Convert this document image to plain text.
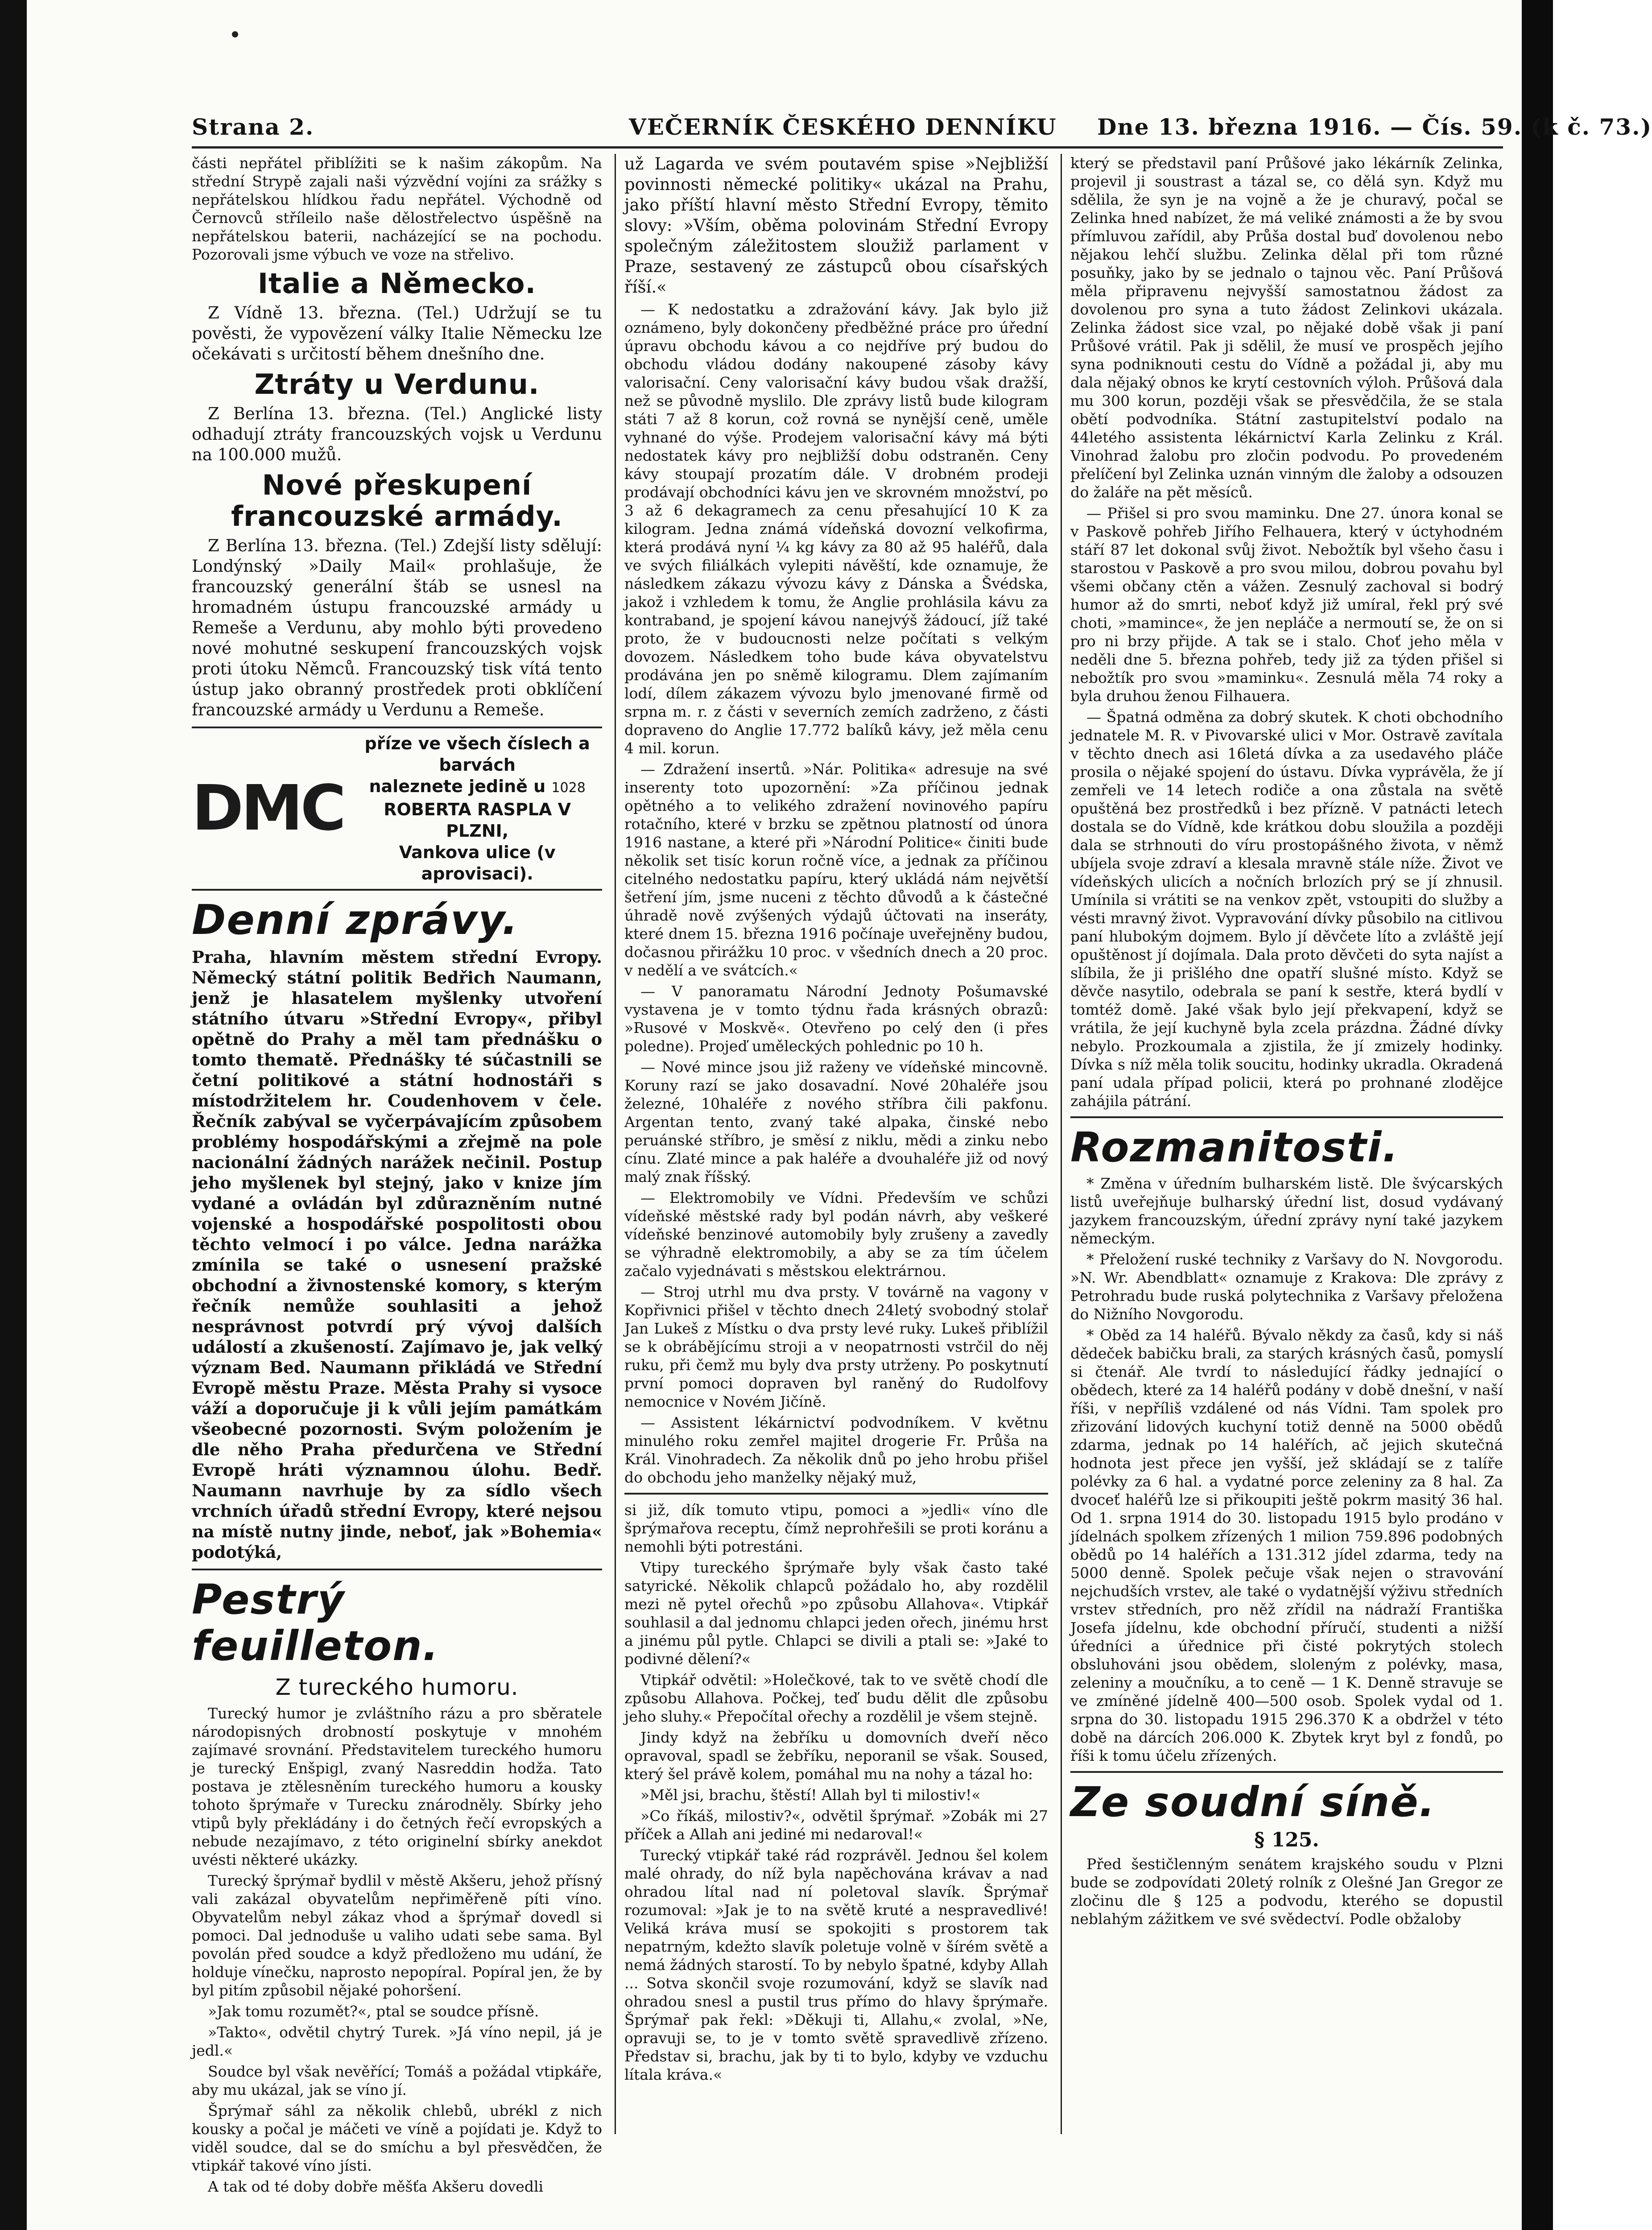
Strana 2.	VEČERNÍK ČESKÉHO DENNÍKU Dne 13. března 1916. — Čís. 59. (k č. 73.)

části nepřátel přiblížiti se k našim zákopům. Na střední Strypě zajali naši výzvědní vojíni za srážky s nepřátelskou hlídkou řadu nepřátel. Východně od Černovců stříleilo naše dělostřelectvo úspěšně na nepřátelskou baterii, nacházející se na pochodu. Pozorovali jsme výbuch ve voze na střelivo.

Italie a Německo.

Z Vídně 13. března. (Tel.) Udržují se tu pověsti, že vypovězení války Italie Německu lze očekávati s určitostí během dnešního dne.

Ztráty u Verdunu.

Z Berlína 13. března. (Tel.) Anglické listy odhadují ztráty francouzských vojsk u Verdunu na 100.000 mužů.

Nové přeskupení francouzské armády.

Z Berlína 13. března. (Tel.) Zdejší listy sdělují: Londýnský »Daily Mail« prohlašuje, že francouzský generální štáb se usnesl na hromadném ústupu francouzské armády u Remeše a Verdunu, aby mohlo býti provedeno nové mohutné seskupení francouzských vojsk proti útoku Němců. Francouzský tisk vítá tento ústup jako obranný prostředek proti obklíčení francouzské armády u Verdunu a Remeše.

DMC
příze ve všech číslech a barvách
naleznete jedině u 1028
ROBERTA RASPLA V PLZNI,
Vankova ulice (v aprovisaci).
Denní zprávy.

Praha, hlavním městem střední Evropy. Německý státní politik Bedřich Naumann, jenž je hlasatelem myšlenky utvoření státního útvaru »Střední Evropy«, přibyl opětně do Prahy a měl tam přednášku o tomto thematě. Přednášky té súčastnili se četní politikové a státní hodnostáři s místodržitelem hr. Coudenhovem v čele. Řečník zabýval se vyčerpávajícím způsobem problémy hospodářskými a zřejmě na pole nacionální žádných narážek nečinil. Postup jeho myšlenek byl stejný, jako v knize jím vydané a ovládán byl zdůrazněním nutné vojenské a hospodářské pospolitosti obou těchto velmocí i po válce. Jedna narážka zmínila se také o usnesení pražské obchodní a živnostenské komory, s kterým řečník nemůže souhlasiti a jehož nesprávnost potvrdí prý vývoj dalších událostí a zkušeností. Zajímavo je, jak velký význam Bed. Naumann přikládá ve Střední Evropě městu Praze. Města Prahy si vysoce váží a doporučuje ji k vůli jejím památkám všeobecné pozornosti. Svým položením je dle něho Praha předurčena ve Střední Evropě hráti významnou úlohu. Bedř. Naumann navrhuje by za sídlo všech vrchních úřadů střední Evropy, které nejsou na místě nutny jinde, neboť, jak »Bohemia« podotýká,

Pestrý feuilleton.
Z tureckého humoru.

Turecký humor je zvláštního rázu a pro sběratele národopisných drobností poskytuje v mnohém zajímavé srovnání. Představitelem tureckého humoru je turecký Enšpigl, zvaný Nasreddin hodža. Tato postava je ztělesněním tureckého humoru a kousky tohoto šprýmaře v Turecku znárodněly. Sbírky jeho vtipů byly překládány i do četných řečí evropských a nebude nezajímavo, z této originelní sbírky anekdot uvésti některé ukázky.

Turecký šprýmař bydlil v městě Akšeru, jehož přísný vali zakázal obyvatelům nepřiměřeně píti víno. Obyvatelům nebyl zákaz vhod a šprýmař dovedl si pomoci. Dal jednoduše u valiho udati sebe sama. Byl povolán před soudce a když předloženo mu udání, že holduje vínečku, naprosto nepopíral. Popíral jen, že by byl pitím způsobil nějaké pohoršení.

»Jak tomu rozumět?«, ptal se soudce přísně.

»Takto«, odvětil chytrý Turek. »Já víno nepil, já je jedl.«

Soudce byl však nevěřící; Tomáš a požádal vtipkáře, aby mu ukázal, jak se víno jí.

Šprýmař sáhl za několik chlebů, ubrékl z nich kousky a počal je máčeti ve víně a pojídati je. Když to viděl soudce, dal se do smíchu a byl přesvědčen, že vtipkář takové víno jísti.

A tak od té doby dobře měšťa Akšeru dovedli

už Lagarda ve svém poutavém spise »Nejbližší povinnosti německé politiky« ukázal na Prahu, jako příští hlavní město Střední Evropy, těmito slovy: »Vším, oběma polovinám Střední Evropy společným záležitostem sloužiž parlament v Praze, sestavený ze zástupců obou císařských říší.«

— K nedostatku a zdražování kávy. Jak bylo již oznámeno, byly dokončeny předběžné práce pro úřední úpravu obchodu kávou a co nejdříve prý budou do obchodu vládou dodány nakoupené zásoby kávy valorisační. Ceny valorisační kávy budou však dražší, než se původně myslilo. Dle zprávy listů bude kilogram státi 7 až 8 korun, což rovná se nynější ceně, uměle vyhnané do výše. Prodejem valorisační kávy má býti nedostatek kávy pro nejbližší dobu odstraněn. Ceny kávy stoupají prozatím dále. V drobném prodeji prodávají obchodníci kávu jen ve skrovném množství, po 3 až 6 dekagramech za cenu přesahující 10 K za kilogram. Jedna známá vídeňská dovozní velkofirma, která prodává nyní ¼ kg kávy za 80 až 95 haléřů, dala ve svých filiálkách vylepiti návěští, kde oznamuje, že následkem zákazu vývozu kávy z Dánska a Švédska, jakož i vzhledem k tomu, že Anglie prohlásila kávu za kontraband, je spojení kávou nanejvýš žádoucí, jíž také proto, že v budoucnosti nelze počítati s velkým dovozem. Následkem toho bude káva obyvatelstvu prodávána jen po sněmě kilogramu. Dlem zajímaním lodí, dílem zákazem vývozu bylo jmenované firmě od srpna m. r. z části v severních zemích zadrženo, z části dopraveno do Anglie 17.772 balíků kávy, jež měla cenu 4 mil. korun.

— Zdražení insertů. »Nár. Politika« adresuje na své inserenty toto upozornění: »Za příčinou jednak opětného a to velikého zdražení novinového papíru rotačního, které v brzku se zpětnou platností od února 1916 nastane, a které při »Národní Politice« činiti bude několik set tisíc korun ročně více, a jednak za příčinou citelného nedostatku papíru, který ukládá nám největší šetření jím, jsme nuceni z těchto důvodů a k částečné úhradě nově zvýšených výdajů účtovati na inseráty, které dnem 15. března 1916 počínaje uveřejněny budou, dočasnou přirážku 10 proc. v všedních dnech a 20 proc. v nedělí a ve svátcích.«

— V panoramatu Národní Jednoty Pošumavské vystavena je v tomto týdnu řada krásných obrazů: »Rusové v Moskvě«. Otevřeno po celý den (i přes poledne). Projeď uměleckých pohlednic po 10 h.

— Nové mince jsou již raženy ve vídeňské mincovně. Koruny razí se jako dosavadní. Nové 20haléře jsou železné, 10haléře z nového stříbra čili pakfonu. Argentan tento, zvaný také alpaka, činské nebo peruánské stříbro, je směsí z niklu, mědi a zinku nebo cínu. Zlaté mince a pak haléře a dvouhaléře již od nový malý znak říšský.

— Elektromobily ve Vídni. Především ve schůzi vídeňské městské rady byl podán návrh, aby veškeré vídeňské benzinové automobily byly zrušeny a zavedly se výhradně elektromobily, a aby se za tím účelem začalo vyjednávati s městskou elektrárnou.

— Stroj utrhl mu dva prsty. V továrně na vagony v Kopřivnici přišel v těchto dnech 24letý svobodný stolař Jan Lukeš z Místku o dva prsty levé ruky. Lukeš přiblížil se k obrábějícímu stroji a v neopatrnosti vstrčil do něj ruku, při čemž mu byly dva prsty utrženy. Po poskytnutí první pomoci dopraven byl raněný do Rudolfovy nemocnice v Novém Jičíně.

— Assistent lékárnictví podvodníkem. V květnu minulého roku zemřel majitel drogerie Fr. Průša na Král. Vinohradech. Za několik dnů po jeho hrobu přišel do obchodu jeho manželky nějaký muž,

si již, dík tomuto vtipu, pomoci a »jedli« víno dle šprýmařova receptu, čímž neprohřešili se proti koránu a nemohli býti potrestáni.

Vtipy tureckého šprýmaře byly však často také satyrické. Několik chlapců požádalo ho, aby rozdělil mezi ně pytel ořechů »po způsobu Allahova«. Vtipkář souhlasil a dal jednomu chlapci jeden ořech, jinému hrst a jinému půl pytle. Chlapci se divili a ptali se: »Jaké to podivné dělení?«

Vtipkář odvětil: »Holečkové, tak to ve světě chodí dle způsobu Allahova. Počkej, teď budu dělit dle způsobu jeho sluhy.« Přepočítal ořechy a rozdělil je všem stejně.

Jindy když na žebříku u domovních dveří něco opravoval, spadl se žebříku, neporanil se však. Soused, který šel právě kolem, pomáhal mu na nohy a tázal ho:

»Měl jsi, brachu, štěstí! Allah byl ti milostiv!«

»Co říkáš, milostiv?«, odvětil šprýmař. »Zobák mi 27 příček a Allah ani jediné mi nedaroval!«

Turecký vtipkář také rád rozprávěl. Jednou šel kolem malé ohrady, do níž byla napěchována krávav a nad ohradou lítal nad ní poletoval slavík. Šprýmař rozumoval: »Jak je to na světě kruté a nespravedlivé! Veliká kráva musí se spokojiti s prostorem tak nepatrným, kdežto slavík poletuje volně v šírém světě a nemá žádných starostí. To by nebylo špatné, kdyby Allah ... Sotva skončil svoje rozumování, když se slavík nad ohradou snesl a pustil trus přímo do hlavy šprýmaře. Šprýmař pak řekl: »Děkuji ti, Allahu,« zvolal, »Ne, opravuji se, to je v tomto světě spravedlivě zřízeno. Představ si, brachu, jak by ti to bylo, kdyby ve vzduchu lítala kráva.«

který se představil paní Průšové jako lékárník Zelinka, projevil ji soustrast a tázal se, co dělá syn. Když mu sdělila, že syn je na vojně a že je churavý, počal se Zelinka hned nabízet, že má veliké známosti a že by svou přímluvou zařídil, aby Průša dostal buď dovolenou nebo nějakou lehčí službu. Zelinka dělal při tom různé posuňky, jako by se jednalo o tajnou věc. Paní Průšová měla připravenu nejvyšší samostatnou žádost za dovolenou pro syna a tuto žádost Zelinkovi ukázala. Zelinka žádost sice vzal, po nějaké době však ji paní Průšové vrátil. Pak ji sdělil, že musí ve prospěch jejího syna podniknouti cestu do Vídně a požádal ji, aby mu dala nějaký obnos ke krytí cestovních výloh. Průšová dala mu 300 korun, později však se přesvědčila, že se stala obětí podvodníka. Státní zastupitelství podalo na 44letého assistenta lékárnictví Karla Zelinku z Král. Vinohrad žalobu pro zločin podvodu. Po provedeném přelíčení byl Zelinka uznán vinným dle žaloby a odsouzen do žaláře na pět měsíců.

— Přišel si pro svou maminku. Dne 27. února konal se v Paskově pohřeb Jiřího Felhauera, který v úctyhodném stáří 87 let dokonal svůj život. Nebožtík byl všeho času i starostou v Paskově a pro svou milou, dobrou povahu byl všemi občany ctěn a vážen. Zesnulý zachoval si bodrý humor až do smrti, neboť když již umíral, řekl prý své choti, »mamince«, že jen nepláče a nermoutí se, že on si pro ni brzy přijde. A tak se i stalo. Choť jeho měla v neděli dne 5. března pohřeb, tedy již za týden přišel si nebožtík pro svou »maminku«. Zesnulá měla 74 roky a byla druhou ženou Filhauera.

— Špatná odměna za dobrý skutek. K choti obchodního jednatele M. R. v Pivovarské ulici v Mor. Ostravě zavítala v těchto dnech asi 16letá dívka a za usedavého pláče prosila o nějaké spojení do ústavu. Dívka vyprávěla, že jí zemřeli ve 14 letech rodiče a ona zůstala na světě opuštěná bez prostředků i bez přízně. V patnácti letech dostala se do Vídně, kde krátkou dobu sloužila a později dala se strhnouti do víru prostopášného života, v němž ubíjela svoje zdraví a klesala mravně stále níže. Život ve vídeňských ulicích a nočních brlozích prý se jí zhnusil. Umínila si vrátiti se na venkov zpět, vstoupiti do služby a vésti mravný život. Vypravování dívky působilo na citlivou paní hlubokým dojmem. Bylo jí děvčete líto a zvláště její opuštěnost jí dojímala. Dala proto děvčeti do syta najíst a slíbila, že ji prišlého dne opatří slušné místo. Když se děvče nasytilo, odebrala se paní k sestře, která bydlí v tomtéž domě. Jaké však bylo její překvapení, když se vrátila, že její kuchyně byla zcela prázdna. Žádné dívky nebylo. Prozkoumala a zjistila, že jí zmizely hodinky. Dívka s níž měla tolik soucitu, hodinky ukradla. Okradená paní udala případ policii, která po prohnané zlodějce zahájila pátrání.

Rozmanitosti.

* Změna v úředním bulharském listě. Dle švýcarských listů uveřejňuje bulharský úřední list, dosud vydávaný jazykem francouzským, úřední zprávy nyní také jazykem německým.

* Přeložení ruské techniky z Varšavy do N. Novgorodu. »N. Wr. Abendblatt« oznamuje z Krakova: Dle zprávy z Petrohradu bude ruská polytechnika z Varšavy přeložena do Nižního Novgorodu.

* Oběd za 14 haléřů. Bývalo někdy za časů, kdy si náš dědeček babičku brali, za starých krásných časů, pomyslí si čtenář. Ale tvrdí to následující řádky jednající o obědech, které za 14 haléřů podány v době dnešní, v naší říši, v nepříliš vzdálené od nás Vídni. Tam spolek pro zřizování lidových kuchyní totiž denně na 5000 obědů zdarma, jednak po 14 haléřích, ač jejich skutečná hodnota jest přece jen vyšší, jež skládají se z talíře polévky za 6 hal. a vydatné porce zeleniny za 8 hal. Za dvoceť haléřů lze si přikoupiti ještě pokrm masitý 36 hal. Od 1. srpna 1914 do 30. listopadu 1915 bylo prodáno v jídelnách spolkem zřízených 1 milion 759.896 podobných obědů po 14 haléřích a 131.312 jídel zdarma, tedy na 5000 denně. Spolek pečuje však nejen o stravování nejchudších vrstev, ale také o vydatnější výživu středních vrstev středních, pro něž zřídil na nádraží Františka Josefa jídelnu, kde obchodní příručí, studenti a nižší úředníci a úřednice při čisté pokrytých stolech obsluhováni jsou obědem, sloleným z polévky, masa, zeleniny a moučníku, a to ceně — 1 K. Denně stravuje se ve zmíněné jídelně 400—500 osob. Spolek vydal od 1. srpna do 30. listopadu 1915 296.370 K a obdržel v této době na dárcích 206.000 K. Zbytek kryt byl z fondů, po říši k tomu účelu zřízených.

Ze soudní síně.
§ 125.

Před šestičlenným senátem krajského soudu v Plzni bude se zodpovídati 20letý rolník z Olešné Jan Gregor ze zločinu dle § 125 a podvodu, kterého se dopustil neblahým zážitkem ve své svědectví. Podle obžaloby
